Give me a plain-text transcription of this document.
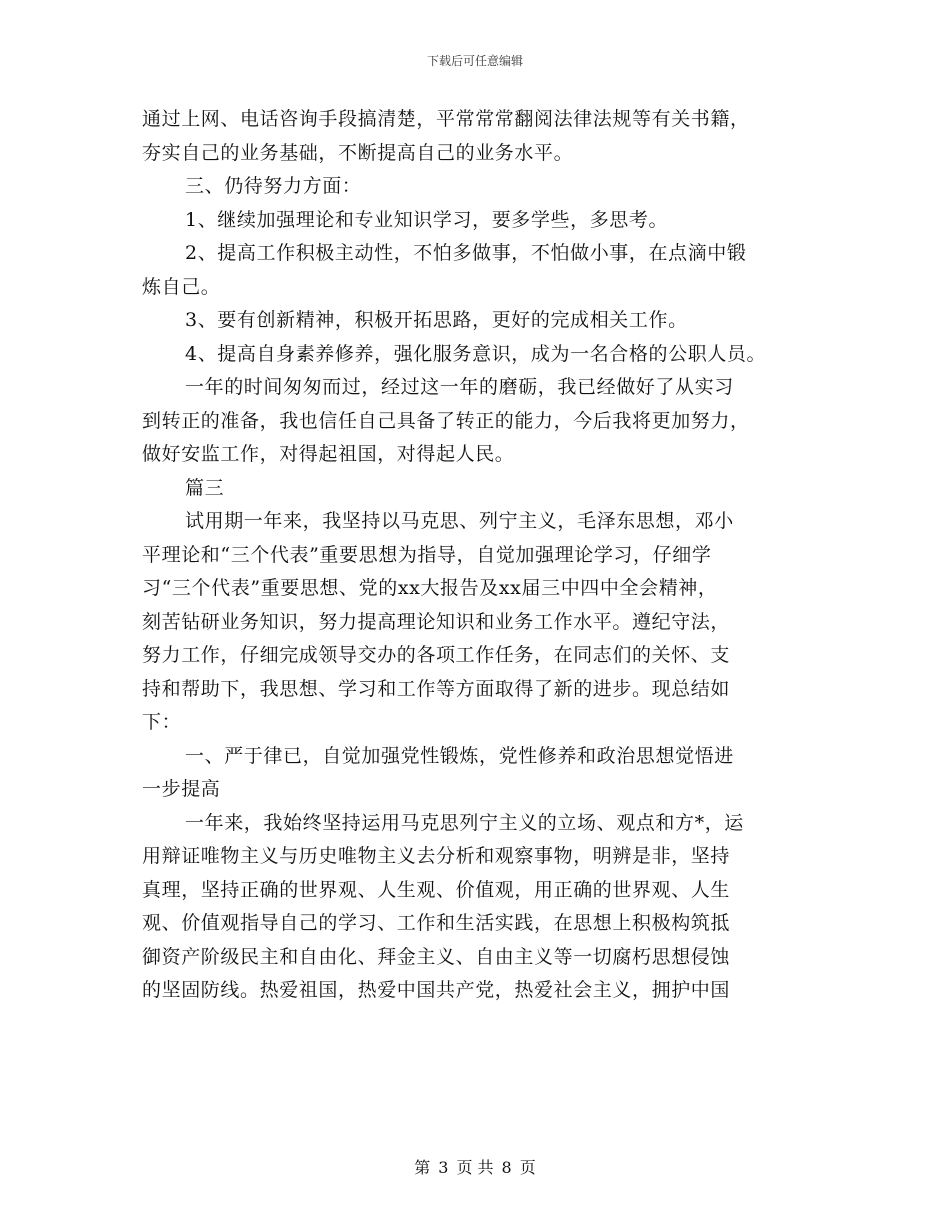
下载后可任意编辑
通过上网、电话咨询手段搞清楚，平常常常翻阅法律法规等有关书籍，
夯实自己的业务基础，不断提高自己的业务水平。
三、仍待努力方面：
1、继续加强理论和专业知识学习，要多学些，多思考。
2、提高工作积极主动性，不怕多做事，不怕做小事，在点滴中锻
炼自己。
3、要有创新精神，积极开拓思路，更好的完成相关工作。
4、提高自身素养修养，强化服务意识，成为一名合格的公职人员。
一年的时间匆匆而过，经过这一年的磨砺，我已经做好了从实习
到转正的准备，我也信任自己具备了转正的能力，今后我将更加努力，
做好安监工作，对得起祖国，对得起人民。
篇三
试用期一年来，我坚持以马克思、列宁主义，毛泽东思想，邓小
平理论和“三个代表”重要思想为指导，自觉加强理论学习，仔细学
习“三个代表”重要思想、党的xx大报告及xx届三中四中全会精神，
刻苦钻研业务知识，努力提高理论知识和业务工作水平。遵纪守法，
努力工作，仔细完成领导交办的各项工作任务，在同志们的关怀、支
持和帮助下，我思想、学习和工作等方面取得了新的进步。现总结如
下：
一、严于律已，自觉加强党性锻炼，党性修养和政治思想觉悟进
一步提高
一年来，我始终坚持运用马克思列宁主义的立场、观点和方*，运
用辩证唯物主义与历史唯物主义去分析和观察事物，明辨是非，坚持
真理，坚持正确的世界观、人生观、价值观，用正确的世界观、人生
观、价值观指导自己的学习、工作和生活实践，在思想上积极构筑抵
御资产阶级民主和自由化、拜金主义、自由主义等一切腐朽思想侵蚀
的坚固防线。热爱祖国，热爱中国共产党，热爱社会主义，拥护中国
第 3 页 共 8 页
